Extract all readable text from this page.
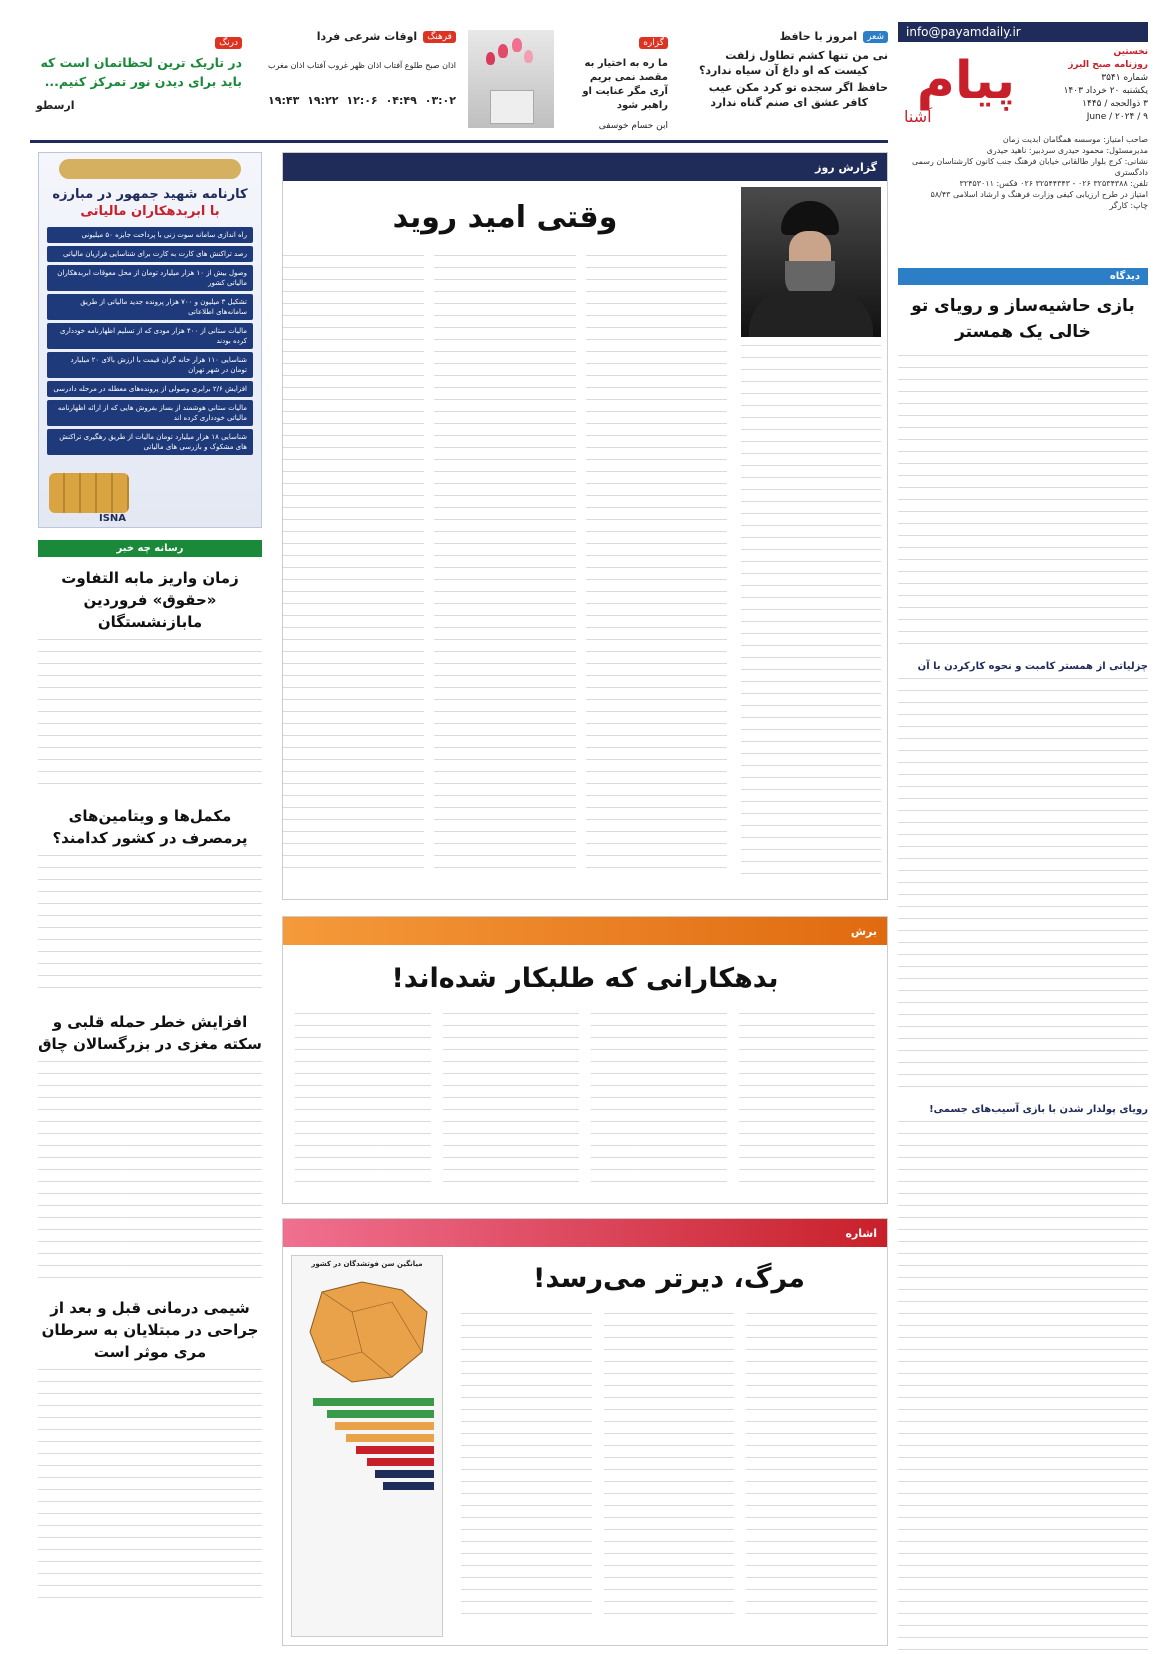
info@payamdaily.ir
نخستین
روزنامه صبح البرز
شماره ۳۵۴۱
یکشنبه ۲۰ خرداد ۱۴۰۳
۳ ذوالحجه / ۱۴۴۵
۹ / June / ۲۰۲۴
پیام
آشنا
صاحب امتیاز: موسسه همگامان ابدیت زمان
مدیرمسئول: محمود حیدری سردبیر: ناهید حیدری
نشانی: کرج بلوار طالقانی خیابان فرهنگ جنب کانون کارشناسان رسمی دادگستری
تلفن: ۳۲۵۳۴۳۸۸ ۰۲۶ - ۳۲۵۴۴۳۴۳ ۰۲۶ فکس: ۳۲۴۵۳۰۱۱
امتیاز در طرح ارزیابی کیفی وزارت فرهنگ و ارشاد اسلامی ۵۸/۴۳
چاپ: کارگر
شعر
امروز با حافظ
نی من تنها کشم تطاول زلفت
کیست که او داغ آن سیاه ندارد؟
حافظ اگر سجده تو کرد مکن عیب
کافر عشق ای صنم گناه ندارد
گزاره
ما ره به اختیار به مقصد نمی بریم
آری مگر عنایت او راهبر شود
ابن حسام خوسفی
فرهنگ
اوقات شرعی فردا
اذان صبح
طلوع آفتاب
اذان ظهر
غروب آفتاب
اذان مغرب
۰۳:۰۲
۰۴:۴۹
۱۲:۰۶
۱۹:۲۲
۱۹:۴۳
درنگ
در تاریک ترین لحظاتمان است که باید برای دیدن نور تمرکز کنیم...
ارسطو
دیدگاه
بازی حاشیه‌ساز و رویای تو خالی یک همستر
چزلیاتی از همستر کامبت و نحوه کارکردن با آن
رویای پولدار شدن با بازی آسیب‌های جسمی!
گزارش روز
وقتی امید روید
برش
بدهکارانی که طلبکار شده‌اند!
اشاره
مرگ، دیرتر می‌رسد!
میانگین سن فوتشدگان در کشور
کارنامه شهید جمهور در مبارزه
با ابربدهکاران مالیاتی
راه اندازی سامانه سوت زنی با پرداخت جایزه ۵۰ میلیونی
رصد تراکنش های کارت به کارت برای شناسایی فراریان مالیاتی
وصول بیش از ۱۰ هزار میلیارد تومان از محل معوقات ابربدهکاران مالیاتی کشور
تشکیل ۳ میلیون و ۷۰۰ هزار پرونده جدید مالیاتی از طریق سامانه‌های اطلاعاتی
مالیات ستانی از ۴۰۰ هزار مودی که از تسلیم اظهارنامه خودداری کرده بودند
شناسایی ۱۱۰ هزار خانه گران قیمت با ارزش بالای ۲۰ میلیارد تومان در شهر تهران
افزایش ۲/۶ برابری وصولی از پرونده‌های معطله در مرحله دادرسی
مالیات ستانی هوشمند از بساز بفروش هایی که از ارائه اظهارنامه مالیاتی خودداری کرده اند
شناسایی ۱۸ هزار میلیارد تومان مالیات از طریق رهگیری تراکنش های مشکوک و بازرسی های مالیاتی
ISNA
رسانه چه خبر
زمان واریز مابه التفاوت «حقوق» فروردین مابازنشستگان
مکمل‌ها و ویتامین‌های پرمصرف در کشور کدامند؟
افزایش خطر حمله قلبی و سکته مغزی در بزرگسالان چاق
شیمی درمانی قبل و بعد از جراحی در مبتلایان به سرطان مری موثر است
